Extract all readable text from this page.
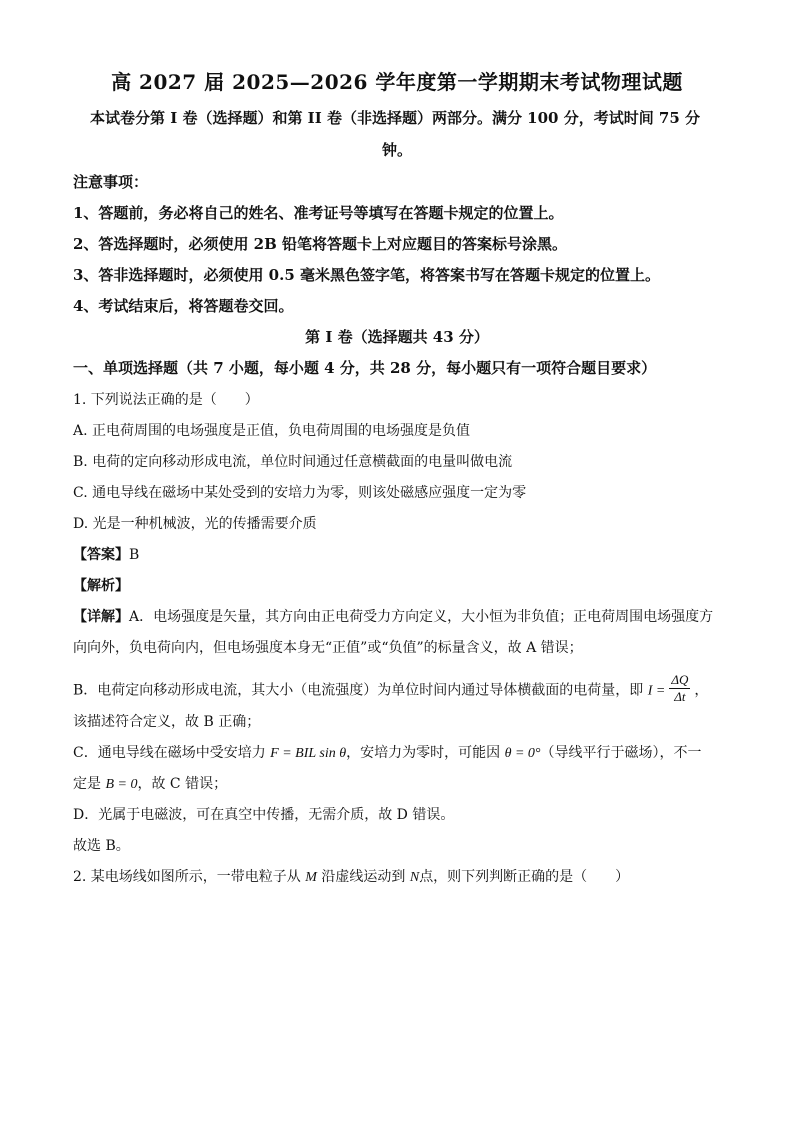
高 2027 届 2025—2026 学年度第一学期期末考试物理试题
本试卷分第 I 卷（选择题）和第 II 卷（非选择题）两部分。满分 100 分，考试时间 75 分
钟。
注意事项：
1、答题前，务必将自己的姓名、准考证号等填写在答题卡规定的位置上。
2、答选择题时，必须使用 2B 铅笔将答题卡上对应题目的答案标号涂黑。
3、答非选择题时，必须使用 0.5 毫米黑色签字笔，将答案书写在答题卡规定的位置上。
4、考试结束后，将答题卷交回。
第 I 卷（选择题共 43 分）
一、单项选择题（共 7 小题，每小题 4 分，共 28 分，每小题只有一项符合题目要求）
1. 下列说法正确的是（　　）
A. 正电荷周围的电场强度是正值，负电荷周围的电场强度是负值
B. 电荷的定向移动形成电流，单位时间通过任意横截面的电量叫做电流
C. 通电导线在磁场中某处受到的安培力为零，则该处磁感应强度一定为零
D. 光是一种机械波，光的传播需要介质
【答案】B
【解析】
【详解】A．电场强度是矢量，其方向由正电荷受力方向定义，大小恒为非负值；正电荷周围电场强度方
向向外，负电荷向内，但电场强度本身无“正值”或“负值”的标量含义，故 A 错误；
B．电荷定向移动形成电流，其大小（电流强度）为单位时间内通过导体横截面的电荷量，即 $I = \frac{\Delta Q}{\Delta t}$ ，
该描述符合定义，故 B 正确；
C．通电导线在磁场中受安培力 F = BIL sin θ，安培力为零时，可能因 θ = 0°（导线平行于磁场），不一
定是 B = 0，故 C 错误；
D．光属于电磁波，可在真空中传播，无需介质，故 D 错误。
故选 B。
2. 某电场线如图所示，一带电粒子从 M 沿虚线运动到 N点，则下列判断正确的是（　　）
